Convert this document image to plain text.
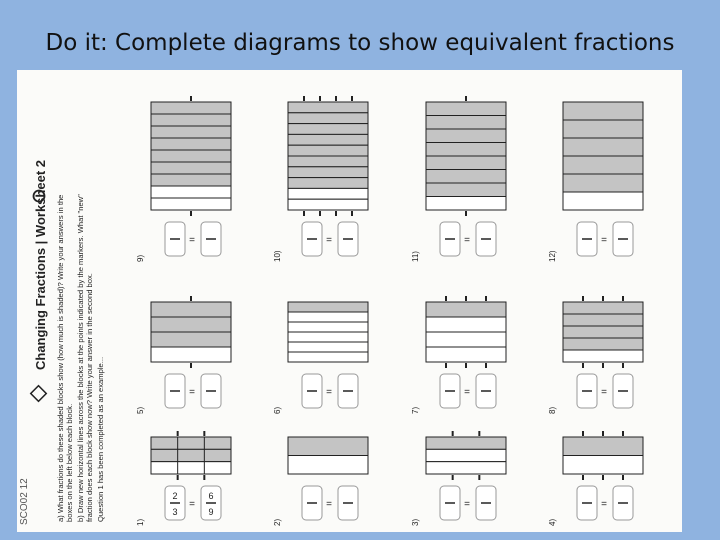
Do it: Complete diagrams to show equivalent fractions
Changing Fractions | Worksheet 2 a) What fractions do these shaded blocks show (how much is shaded)? Write your answers in the boxes on the left below each block. b) Draw new horizontal lines across the blocks at the points indicated by the markers. What "new" fraction does each block show now? Write your answer in the second box. Question 1 has been completed as an example...
SCO02 12	1)
=
2
3
6
9
2)
=
3)
=
4)
=
5)
=
6)
=
7)
=
8)
=
9)
=
10)
=
11)
=
12)
=
